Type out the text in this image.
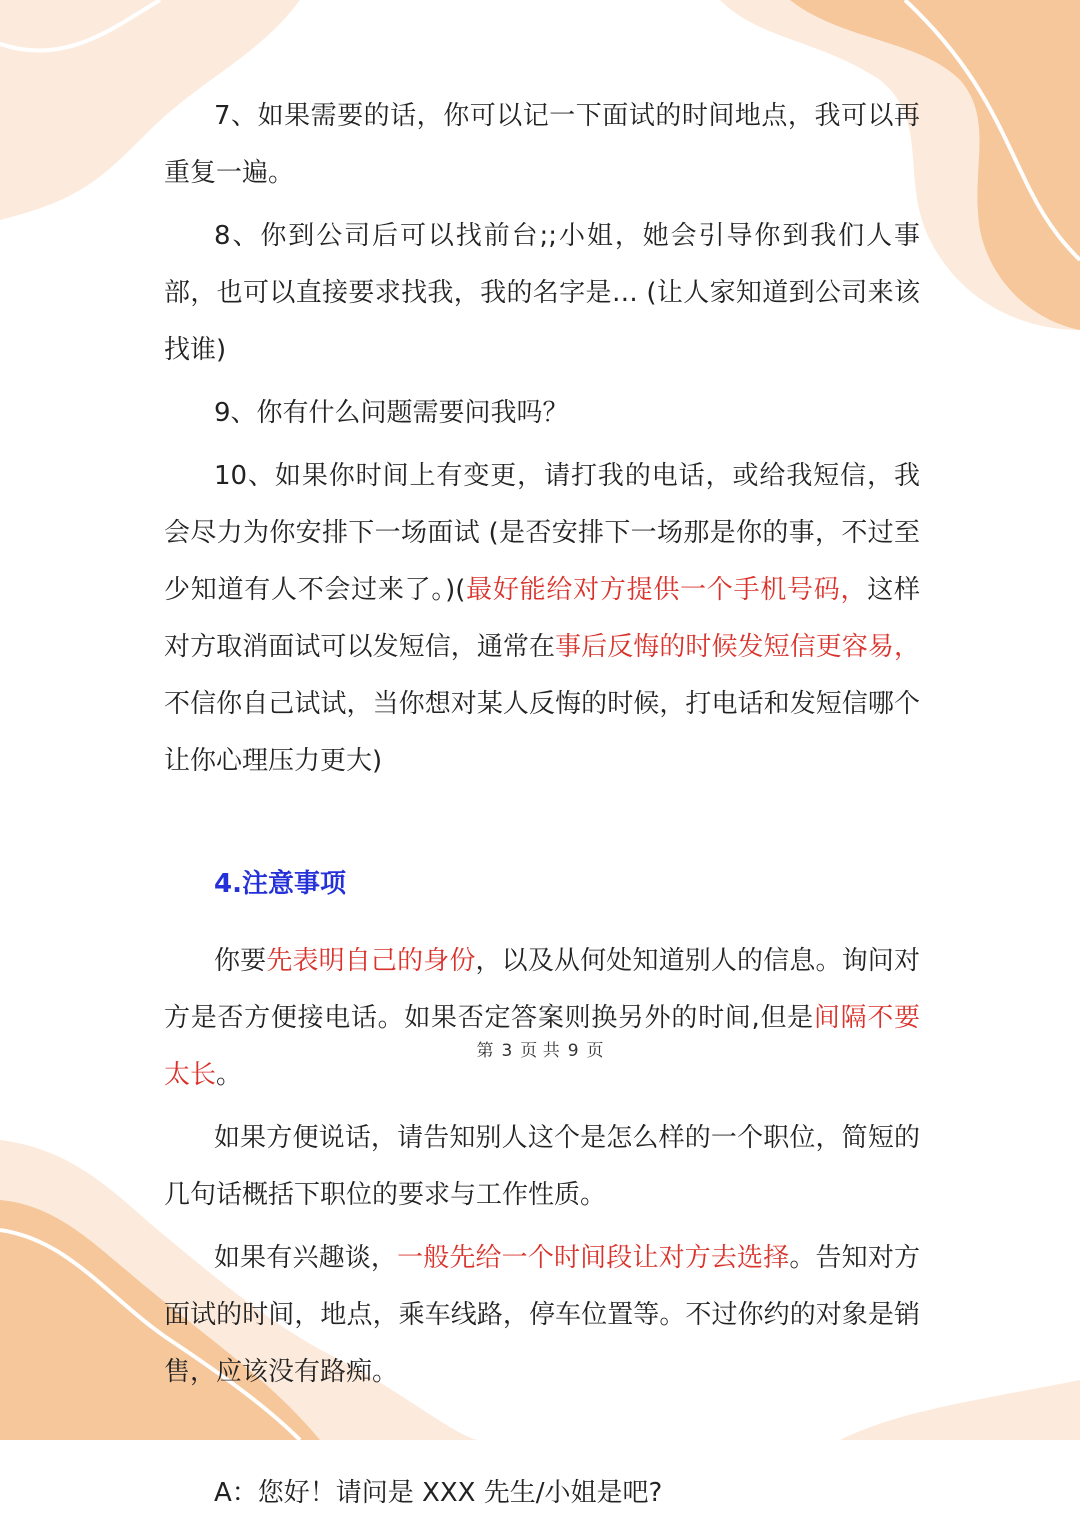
7、如果需要的话，你可以记一下面试的时间地点，我可以再重复一遍。

8、你到公司后可以找前台;;小姐，她会引导你到我们人事部，也可以直接要求找我，我的名字是… (让人家知道到公司来该找谁)

9、你有什么问题需要问我吗？

10、如果你时间上有变更，请打我的电话，或给我短信，我会尽力为你安排下一场面试 (是否安排下一场那是你的事，不过至少知道有人不会过来了。)(最好能给对方提供一个手机号码，这样对方取消面试可以发短信，通常在事后反悔的时候发短信更容易，不信你自己试试，当你想对某人反悔的时候，打电话和发短信哪个让你心理压力更大)

4.注意事项

你要先表明自己的身份，以及从何处知道别人的信息。询问对方是否方便接电话。如果否定答案则换另外的时间,但是间隔不要太长。

如果方便说话，请告知别人这个是怎么样的一个职位，简短的几句话概括下职位的要求与工作性质。

如果有兴趣谈，一般先给一个时间段让对方去选择。告知对方面试的时间，地点，乘车线路，停车位置等。不过你约的对象是销售，应该没有路痴。

A：您好！请问是 XXX 先生/小姐是吧?

第 3 页 共 9 页
